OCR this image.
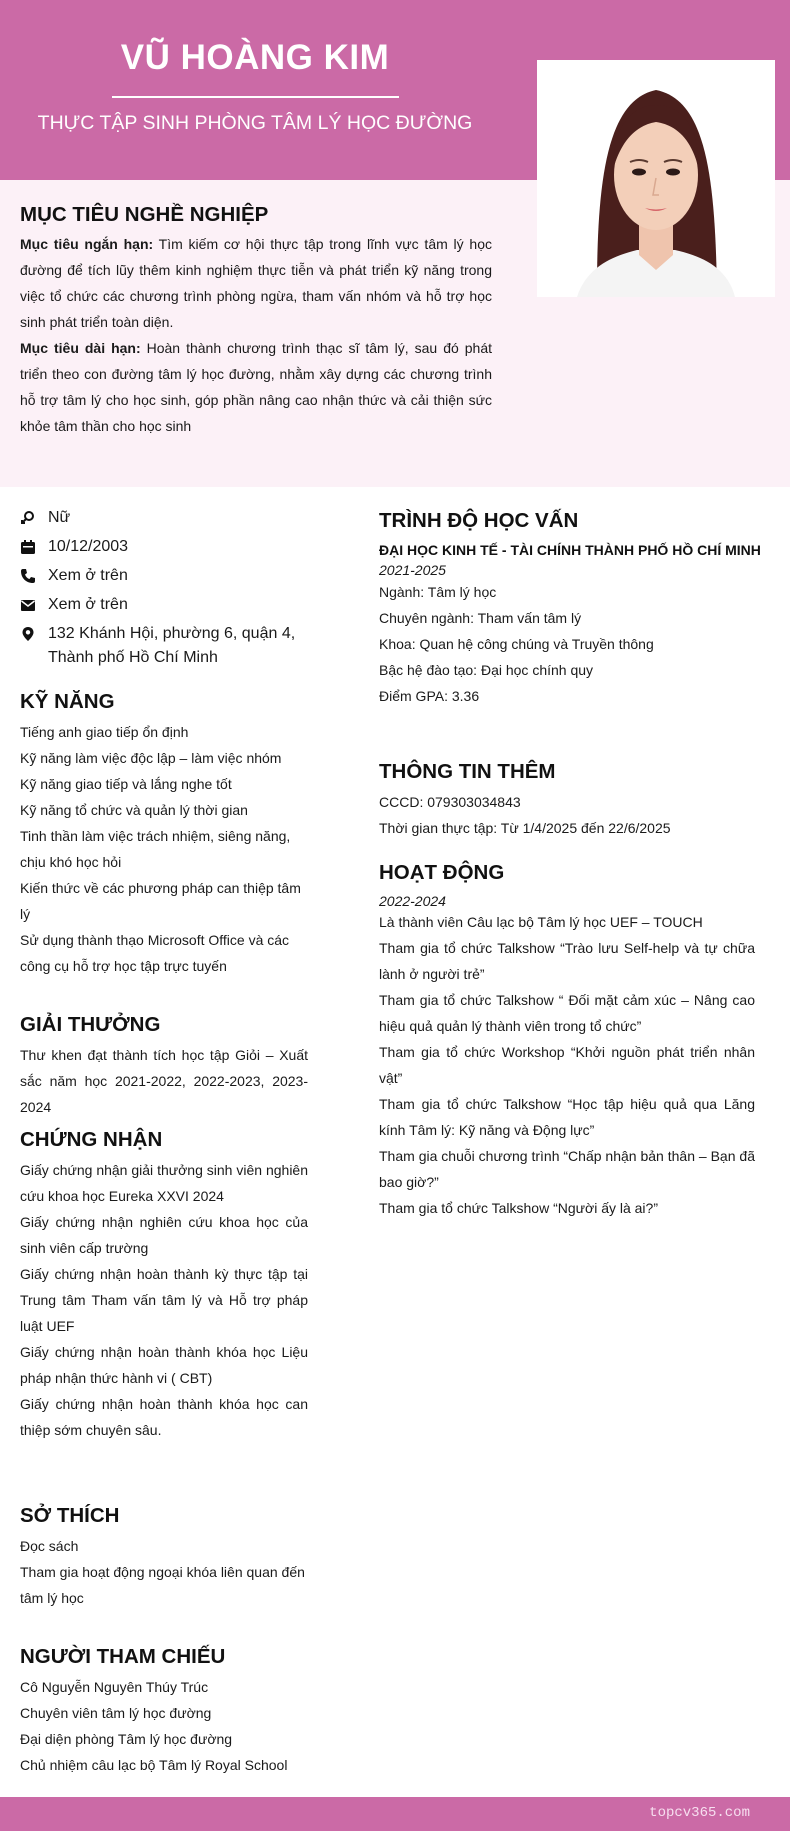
VŨ HOÀNG KIM
THỰC TẬP SINH PHÒNG TÂM LÝ HỌC ĐƯỜNG
MỤC TIÊU NGHỀ NGHIỆP
Mục tiêu ngắn hạn: Tìm kiếm cơ hội thực tập trong lĩnh vực tâm lý học đường để tích lũy thêm kinh nghiệm thực tiễn và phát triển kỹ năng trong việc tổ chức các chương trình phòng ngừa, tham vấn nhóm và hỗ trợ học sinh phát triển toàn diện.
Mục tiêu dài hạn: Hoàn thành chương trình thạc sĩ tâm lý, sau đó phát triển theo con đường tâm lý học đường, nhằm xây dựng các chương trình hỗ trợ tâm lý cho học sinh, góp phần nâng cao nhận thức và cải thiện sức khỏe tâm thần cho học sinh
Nữ
10/12/2003
Xem ở trên
Xem ở trên
132 Khánh Hội, phường 6, quận 4, Thành phố Hồ Chí Minh
KỸ NĂNG
Tiếng anh giao tiếp ổn định
Kỹ năng làm việc độc lập – làm việc nhóm
Kỹ năng giao tiếp và lắng nghe tốt
Kỹ năng tổ chức và quản lý thời gian
Tinh thần làm việc trách nhiệm, siêng năng, chịu khó học hỏi
Kiến thức về các phương pháp can thiệp tâm lý
Sử dụng thành thạo Microsoft Office và các công cụ hỗ trợ học tập trực tuyến
GIẢI THƯỞNG
Thư khen đạt thành tích học tập Giỏi – Xuất sắc năm học 2021-2022, 2022-2023, 2023-2024
CHỨNG NHẬN
Giấy chứng nhận giải thưởng sinh viên nghiên cứu khoa học Eureka XXVI 2024
Giấy chứng nhận nghiên cứu khoa học của sinh viên cấp trường
Giấy chứng nhận hoàn thành kỳ thực tập tại Trung tâm Tham vấn tâm lý và Hỗ trợ pháp luật UEF
Giấy chứng nhận hoàn thành khóa học Liệu pháp nhận thức hành vi ( CBT)
Giấy chứng nhận hoàn thành khóa học can thiệp sớm chuyên sâu.
SỞ THÍCH
Đọc sách
Tham gia hoạt động ngoại khóa liên quan đến tâm lý học
NGƯỜI THAM CHIẾU
Cô Nguyễn Nguyên Thúy Trúc
Chuyên viên tâm lý học đường
Đại diện phòng Tâm lý học đường
Chủ nhiệm câu lạc bộ Tâm lý Royal School
TRÌNH ĐỘ HỌC VẤN
ĐẠI HỌC KINH TẾ - TÀI CHÍNH THÀNH PHỐ HỒ CHÍ MINH
2021-2025
Ngành: Tâm lý học
Chuyên ngành: Tham vấn tâm lý
Khoa: Quan hệ công chúng và Truyền thông
Bậc hệ đào tạo: Đại học chính quy
Điểm GPA: 3.36
THÔNG TIN THÊM
CCCD: 079303034843
Thời gian thực tập: Từ 1/4/2025 đến 22/6/2025
HOẠT ĐỘNG
2022-2024
Là thành viên Câu lạc bộ Tâm lý học UEF – TOUCH
Tham gia tổ chức Talkshow “Trào lưu Self-help và tự chữa lành ở người trẻ”
Tham gia tổ chức Talkshow “ Đối mặt cảm xúc – Nâng cao hiệu quả quản lý thành viên trong tổ chức”
Tham gia tổ chức Workshop “Khởi nguồn phát triển nhân vật”
Tham gia tổ chức Talkshow “Học tập hiệu quả qua Lăng kính Tâm lý: Kỹ năng và Động lực”
Tham gia chuỗi chương trình “Chấp nhận bản thân – Bạn đã bao giờ?”
Tham gia tổ chức Talkshow “Người ấy là ai?”
topcv365.com
